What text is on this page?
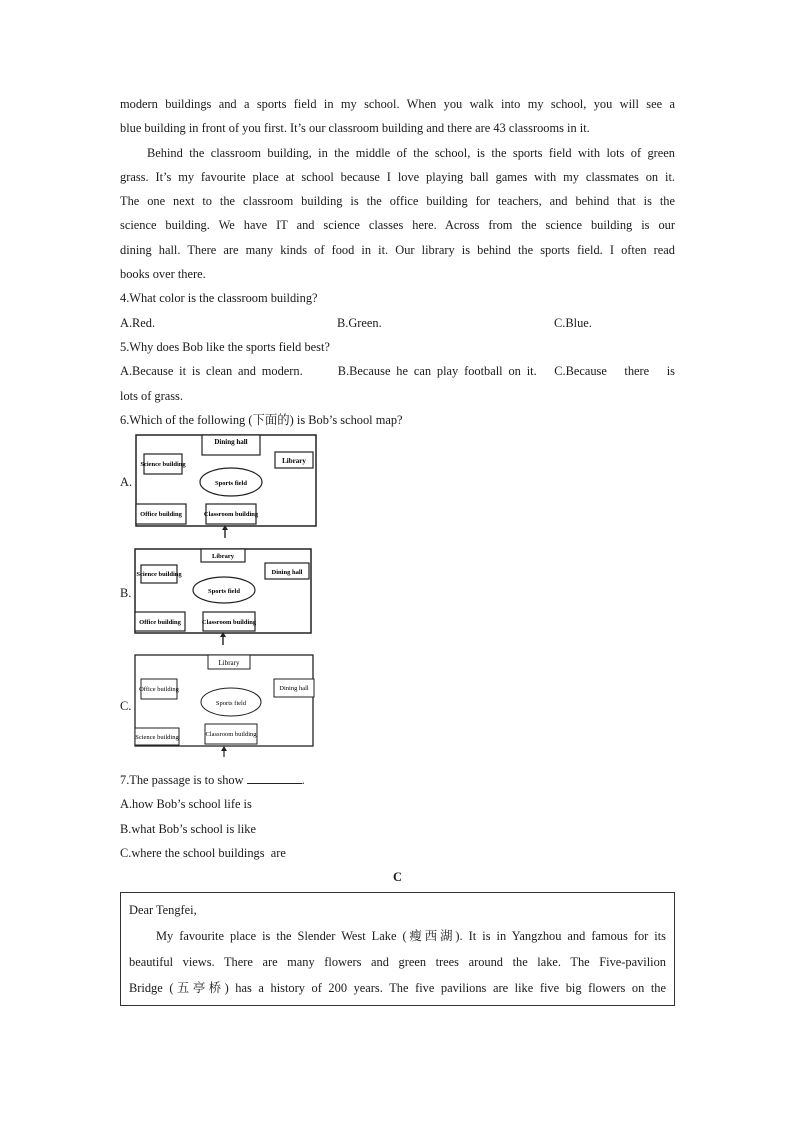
modern buildings and a sports field in my school. When you walk into my school, you will see a
blue building in front of you first. It’s our classroom building and there are 43 classrooms in it.
Behind the classroom building, in the middle of the school, is the sports field with lots of green
grass. It’s my favourite place at school because I love playing ball games with my classmates on it.
The one next to the classroom building is the office building for teachers, and behind that is the
science building. We have IT and science classes here. Across from the science building is our
dining hall. There are many kinds of food in it. Our library is behind the sports field. I often read
books over there.

4.What color is the classroom building?

A.Red.	B.Green.	C.Blue.

5.Why does Bob like the sports field best?

A.Because it is clean and modern.      B.Because he can play football on it.   C.Because   there   is
lots of grass.

6.Which of the following (下面的) is Bob’s school map?

A.
Dining hall
Science building	Library
Sports field
Office building	Classroom building
B.
Library
Science building	Dining hall
Sports field
Office building	Classroom building
C.
Library
Office building	Dining hall
Sports field
Science building	Classroom building

7.The passage is to show	.

A.how Bob’s school life is

B.what Bob’s school is like

C.where the school buildings  are

C

Dear Tengfei,
My favourite place is the Slender West Lake (瘦西湖). It is in Yangzhou and famous for its
beautiful views. There are many flowers and green trees around the lake. The Five-pavilion
Bridge (五亭桥) has a history of 200 years. The five pavilions are like five big flowers on the
